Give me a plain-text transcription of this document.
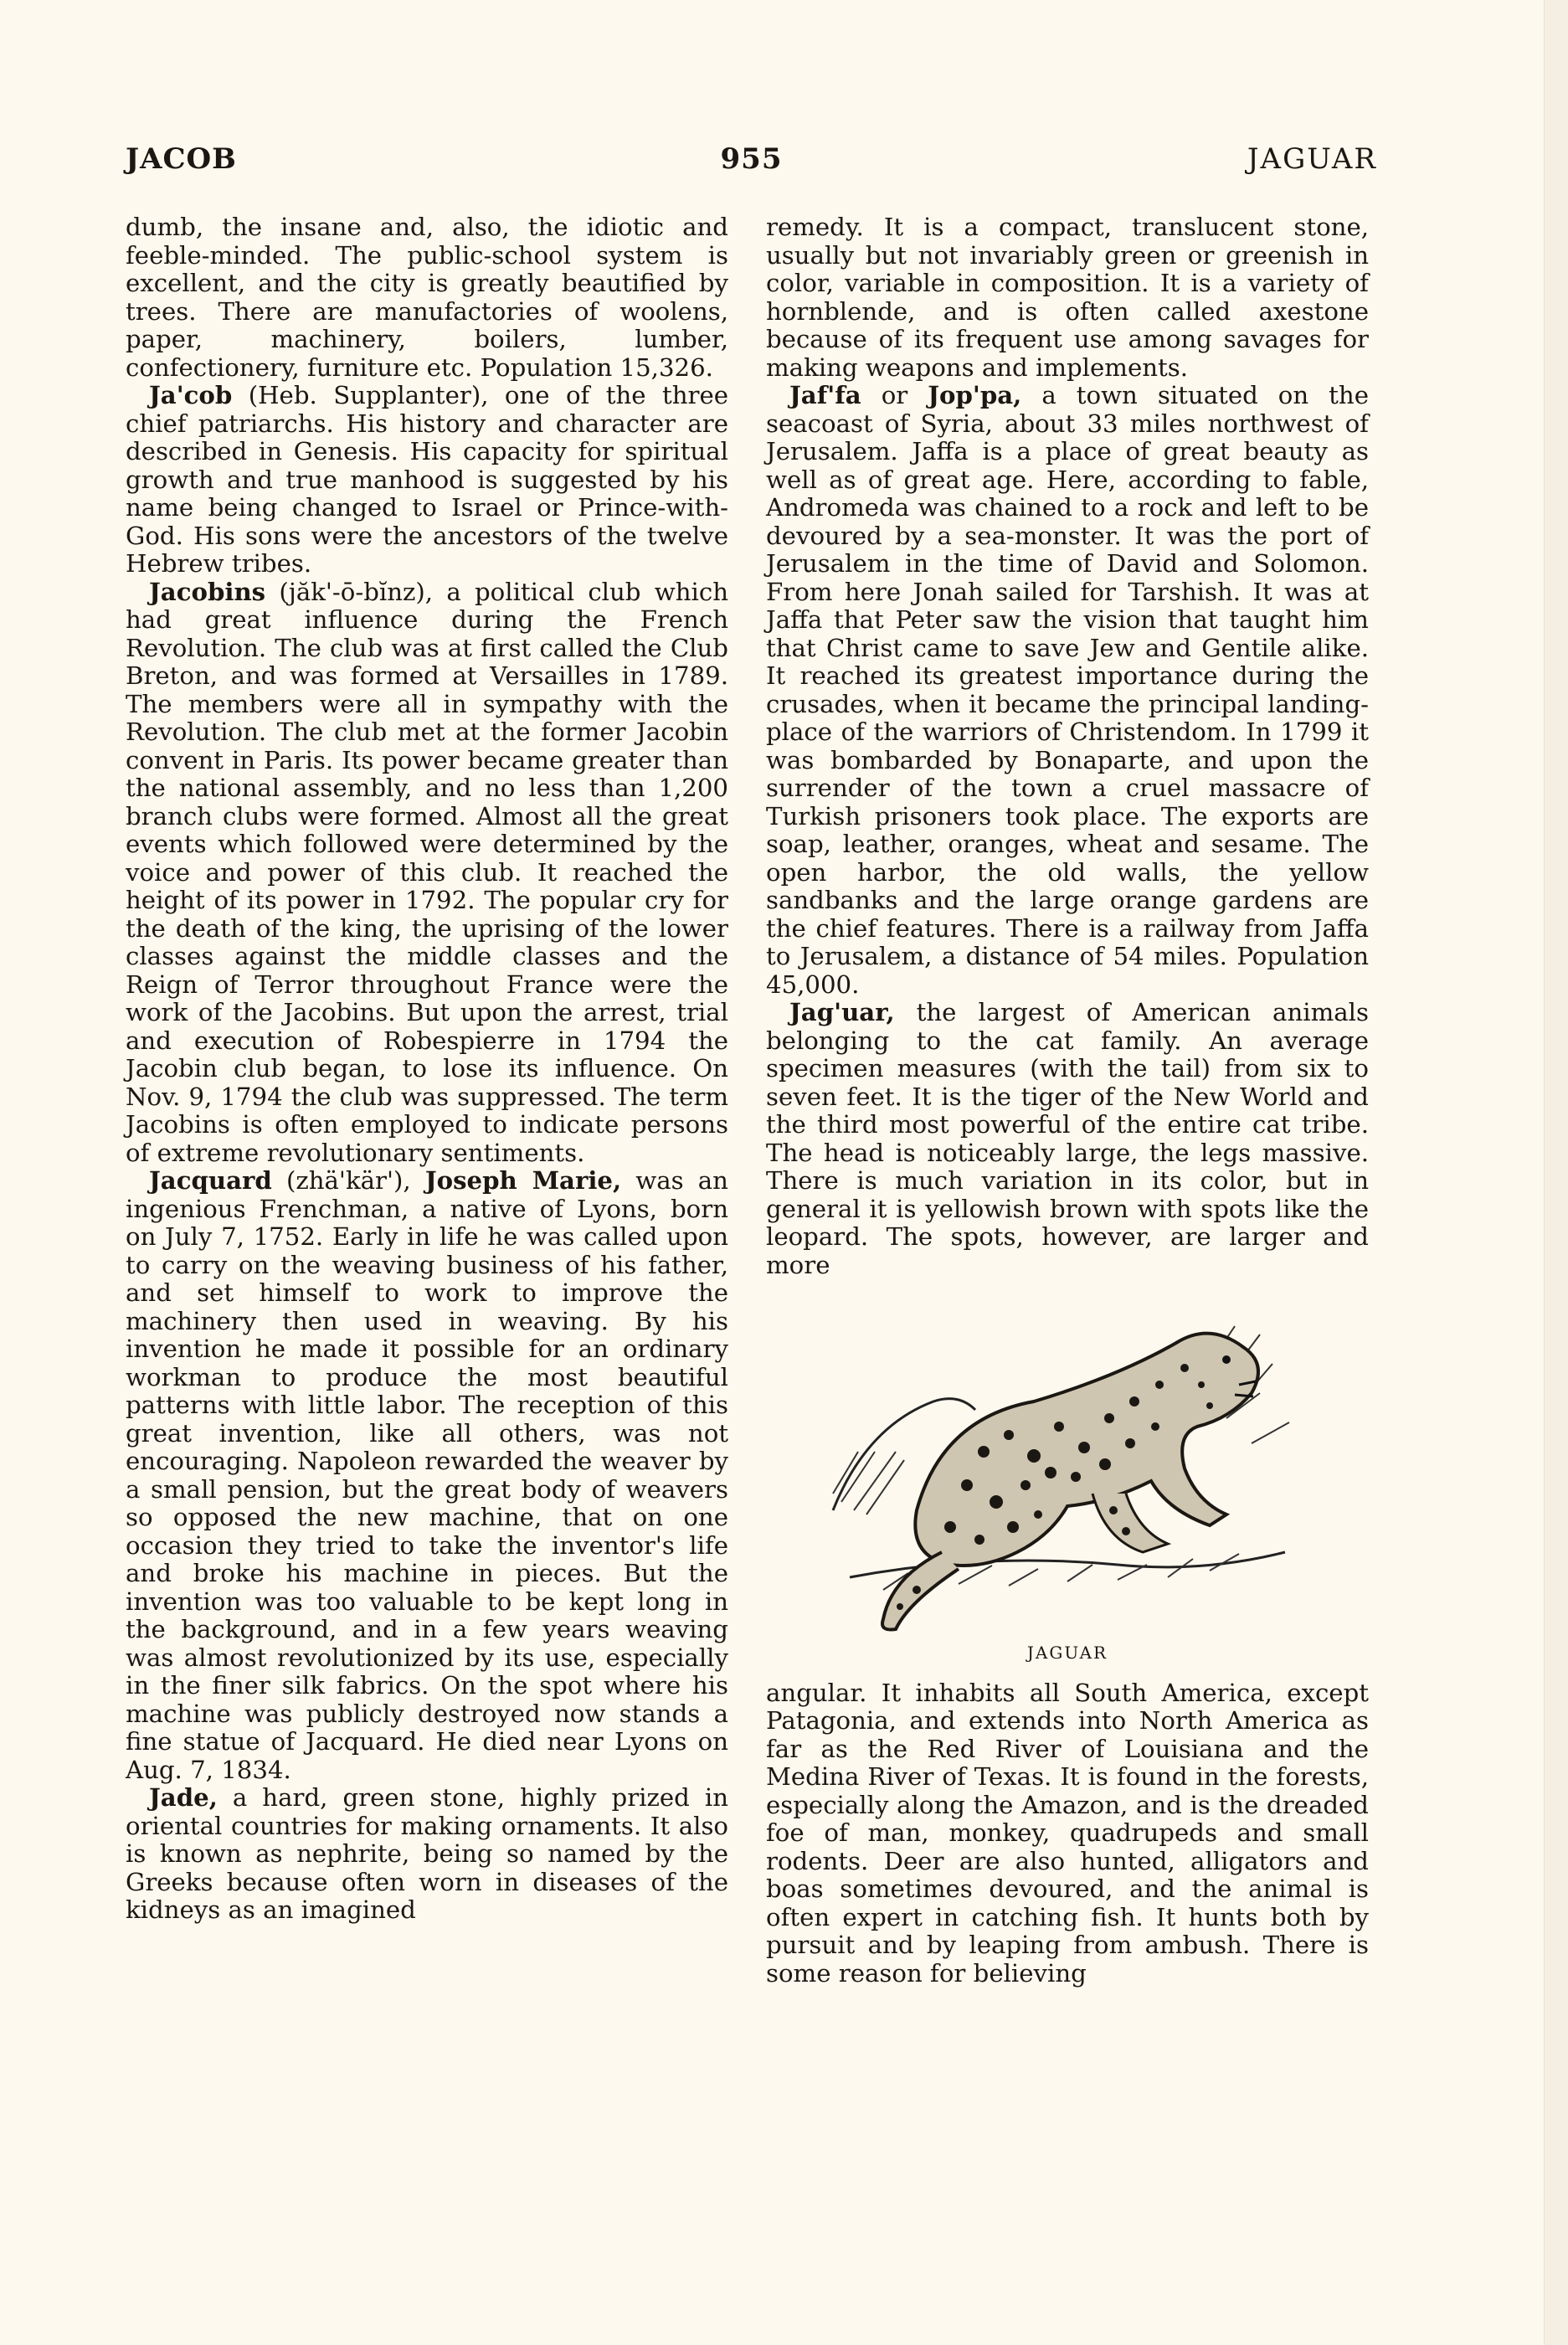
JACOB	955	JAGUAR

dumb, the insane and, also, the idiotic and feeble-minded. The public-school system is excellent, and the city is greatly beautified by trees. There are manufactories of woolens, paper, machinery, boilers, lumber, confectionery, furniture etc. Population 15,326.

Ja'cob (Heb. Supplanter), one of the three chief patriarchs. His history and character are described in Genesis. His capacity for spiritual growth and true manhood is suggested by his name being changed to Israel or Prince-with-God. His sons were the ancestors of the twelve Hebrew tribes.

Jacobins (jăk'-ō-bĭnz), a political club which had great influence during the French Revolution. The club was at first called the Club Breton, and was formed at Versailles in 1789. The members were all in sympathy with the Revolution. The club met at the former Jacobin convent in Paris. Its power became greater than the national assembly, and no less than 1,200 branch clubs were formed. Almost all the great events which followed were determined by the voice and power of this club. It reached the height of its power in 1792. The popular cry for the death of the king, the uprising of the lower classes against the middle classes and the Reign of Terror throughout France were the work of the Jacobins. But upon the arrest, trial and execution of Robespierre in 1794 the Jacobin club began, to lose its influence. On Nov. 9, 1794 the club was suppressed. The term Jacobins is often employed to indicate persons of extreme revolutionary sentiments.

Jacquard (zhä'kär'), Joseph Marie, was an ingenious Frenchman, a native of Lyons, born on July 7, 1752. Early in life he was called upon to carry on the weaving business of his father, and set himself to work to improve the machinery then used in weaving. By his invention he made it possible for an ordinary workman to produce the most beautiful patterns with little labor. The reception of this great invention, like all others, was not encouraging. Napoleon rewarded the weaver by a small pension, but the great body of weavers so opposed the new machine, that on one occasion they tried to take the inventor's life and broke his machine in pieces. But the invention was too valuable to be kept long in the background, and in a few years weaving was almost revolutionized by its use, especially in the finer silk fabrics. On the spot where his machine was publicly destroyed now stands a fine statue of Jacquard. He died near Lyons on Aug. 7, 1834.

Jade, a hard, green stone, highly prized in oriental countries for making ornaments. It also is known as nephrite, being so named by the Greeks because often worn in diseases of the kidneys as an imagined

remedy. It is a compact, translucent stone, usually but not invariably green or greenish in color, variable in composition. It is a variety of hornblende, and is often called axestone because of its frequent use among savages for making weapons and implements.

Jaf'fa or Jop'pa, a town situated on the seacoast of Syria, about 33 miles northwest of Jerusalem. Jaffa is a place of great beauty as well as of great age. Here, according to fable, Andromeda was chained to a rock and left to be devoured by a sea-monster. It was the port of Jerusalem in the time of David and Solomon. From here Jonah sailed for Tarshish. It was at Jaffa that Peter saw the vision that taught him that Christ came to save Jew and Gentile alike. It reached its greatest importance during the crusades, when it became the principal landing-place of the warriors of Christendom. In 1799 it was bombarded by Bonaparte, and upon the surrender of the town a cruel massacre of Turkish prisoners took place. The exports are soap, leather, oranges, wheat and sesame. The open harbor, the old walls, the yellow sandbanks and the large orange gardens are the chief features. There is a railway from Jaffa to Jerusalem, a distance of 54 miles. Population 45,000.

Jag'uar, the largest of American animals belonging to the cat family. An average specimen measures (with the tail) from six to seven feet. It is the tiger of the New World and the third most powerful of the entire cat tribe. The head is noticeably large, the legs massive. There is much variation in its color, but in general it is yellowish brown with spots like the leopard. The spots, however, are larger and more

JAGUAR

angular. It inhabits all South America, except Patagonia, and extends into North America as far as the Red River of Louisiana and the Medina River of Texas. It is found in the forests, especially along the Amazon, and is the dreaded foe of man, monkey, quadrupeds and small rodents. Deer are also hunted, alligators and boas sometimes devoured, and the animal is often expert in catching fish. It hunts both by pursuit and by leaping from ambush. There is some reason for believing
